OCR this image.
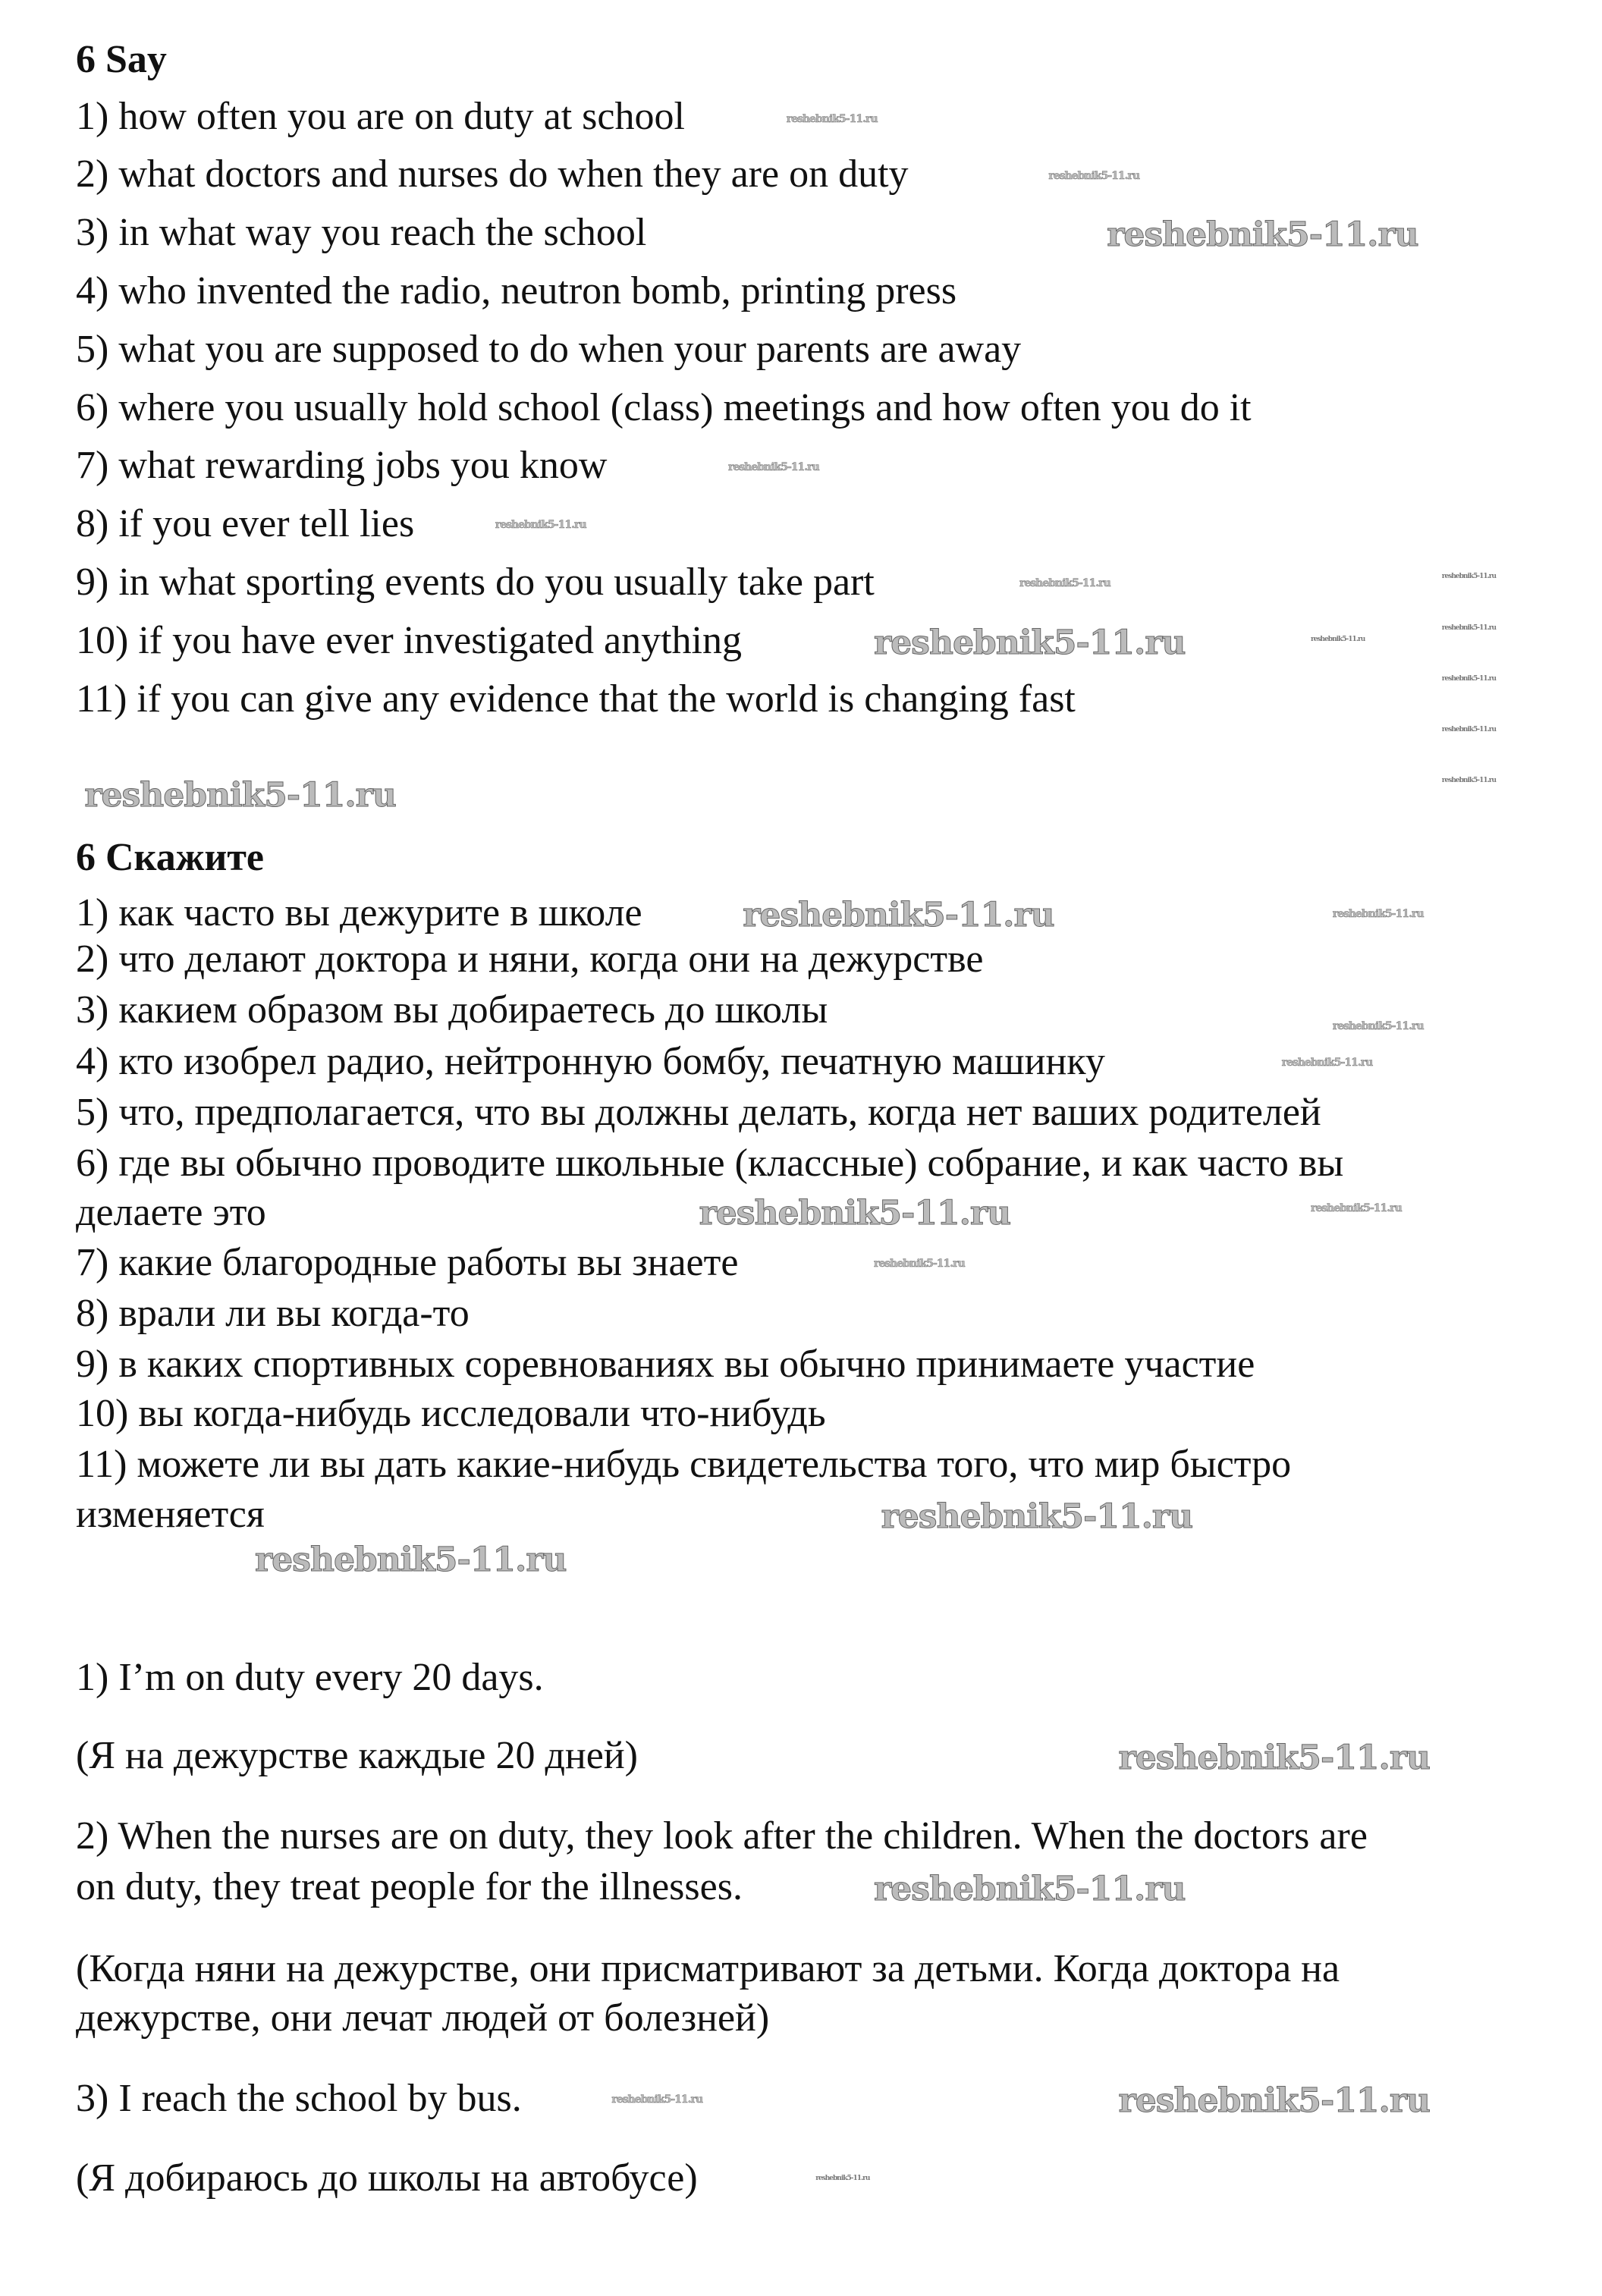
reshebnik5-11.ru
reshebnik5-11.ru
reshebnik5-11.ru
reshebnik5-11.ru
reshebnik5-11.ru
reshebnik5-11.ru
reshebnik5-11.ru
reshebnik5-11.ru
reshebnik5-11.ru
reshebnik5-11.ru
reshebnik5-11.ru
reshebnik5-11.ru
reshebnik5-11.ru
reshebnik5-11.ru
reshebnik5-11.ru
reshebnik5-11.ru
reshebnik5-11.ru
reshebnik5-11.ru
reshebnik5-11.ru
reshebnik5-11.ru
reshebnik5-11.ru
reshebnik5-11.ru
reshebnik5-11.ru
reshebnik5-11.ru
reshebnik5-11.ru
reshebnik5-11.ru
reshebnik5-11.ru
reshebnik5-11.ru
6 Say
1) how often you are on duty at school
2) what doctors and nurses do when they are on duty
3) in what way you reach the school
4) who invented the radio, neutron bomb, printing press
5) what you are supposed to do when your parents are away
6) where you usually hold school (class) meetings and how often you do it
7) what rewarding jobs you know
8) if you ever tell lies
9) in what sporting events do you usually take part
10) if you have ever investigated anything
11) if you can give any evidence that the world is changing fast
6 Скажите
1) как часто вы дежурите в школе
2) что делают доктора и няни, когда они на дежурстве
3) какием образом вы добираетесь до школы
4) кто изобрел радио, нейтронную бомбу, печатную машинку
5) что, предполагается, что вы должны делать, когда нет ваших родителей
6) где вы обычно проводите школьные (классные) собрание, и как часто вы
делаете это
7) какие благородные работы вы знаете
8) врали ли вы когда-то
9) в каких спортивных соревнованиях вы обычно принимаете участие
10) вы когда-нибудь исследовали что-нибудь
11) можете ли вы дать какие-нибудь свидетельства того, что мир быстро
изменяется
1) I’m on duty every 20 days.
(Я на дежурстве каждые 20 дней)
2) When the nurses are on duty, they look after the children. When the doctors are
on duty, they treat people for the illnesses.
(Когда няни на дежурстве, они присматривают за детьми. Когда доктора на
дежурстве, они лечат людей от болезней)
3) I reach the school by bus.
(Я добираюсь до школы на автобусе)
